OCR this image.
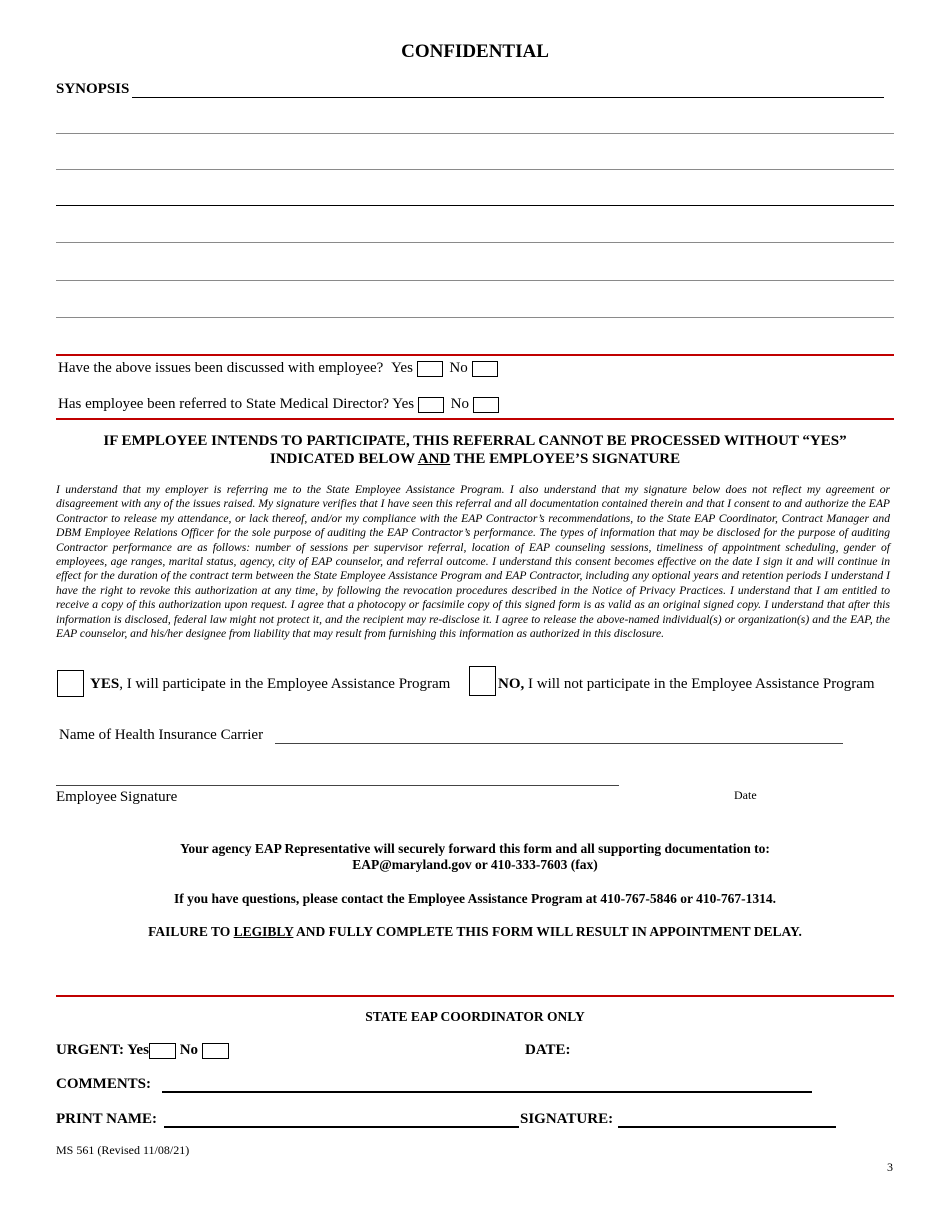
CONFIDENTIAL
SYNOPSIS
Have the above issues been discussed with employee? Yes No
Has employee been referred to State Medical Director? Yes No
IF EMPLOYEE INTENDS TO PARTICIPATE, THIS REFERRAL CANNOT BE PROCESSED WITHOUT “YES”
INDICATED BELOW AND THE EMPLOYEE’S SIGNATURE
I understand that my employer is referring me to the State Employee Assistance Program. I also understand that my signature below does not reflect my agreement or disagreement with any of the issues raised. My signature verifies that I have seen this referral and all documentation contained therein and that I consent to and authorize the EAP Contractor to release my attendance, or lack thereof, and/or my compliance with the EAP Contractor’s recommendations, to the State EAP Coordinator, Contract Manager and DBM Employee Relations Officer for the sole purpose of auditing the EAP Contractor’s performance. The types of information that may be disclosed for the purpose of auditing Contractor performance are as follows: number of sessions per supervisor referral, location of EAP counseling sessions, timeliness of appointment scheduling, gender of employees, age ranges, marital status, agency, city of EAP counselor, and referral outcome. I understand this consent becomes effective on the date I sign it and will continue in effect for the duration of the contract term between the State Employee Assistance Program and EAP Contractor, including any optional years and retention periods I understand I have the right to revoke this authorization at any time, by following the revocation procedures described in the Notice of Privacy Practices. I understand that I am entitled to receive a copy of this authorization upon request. I agree that a photocopy or facsimile copy of this signed form is as valid as an original signed copy. I understand that after this information is disclosed, federal law might not protect it, and the recipient may re-disclose it. I agree to release the above-named individual(s) or organization(s) and the EAP, the EAP counselor, and his/her designee from liability that may result from furnishing this information as authorized in this disclosure.
YES, I will participate in the Employee Assistance Program	NO, I will not participate in the Employee Assistance Program
Name of Health Insurance Carrier
Employee Signature	Date
Your agency EAP Representative will securely forward this form and all supporting documentation to:
EAP@maryland.gov or 410-333-7603 (fax)
If you have questions, please contact the Employee Assistance Program at 410-767-5846 or 410-767-1314.
FAILURE TO LEGIBLY AND FULLY COMPLETE THIS FORM WILL RESULT IN APPOINTMENT DELAY.
STATE EAP COORDINATOR ONLY
URGENT: Yes No	DATE:
COMMENTS:
PRINT NAME:	SIGNATURE:
MS 561 (Revised 11/08/21)
3
